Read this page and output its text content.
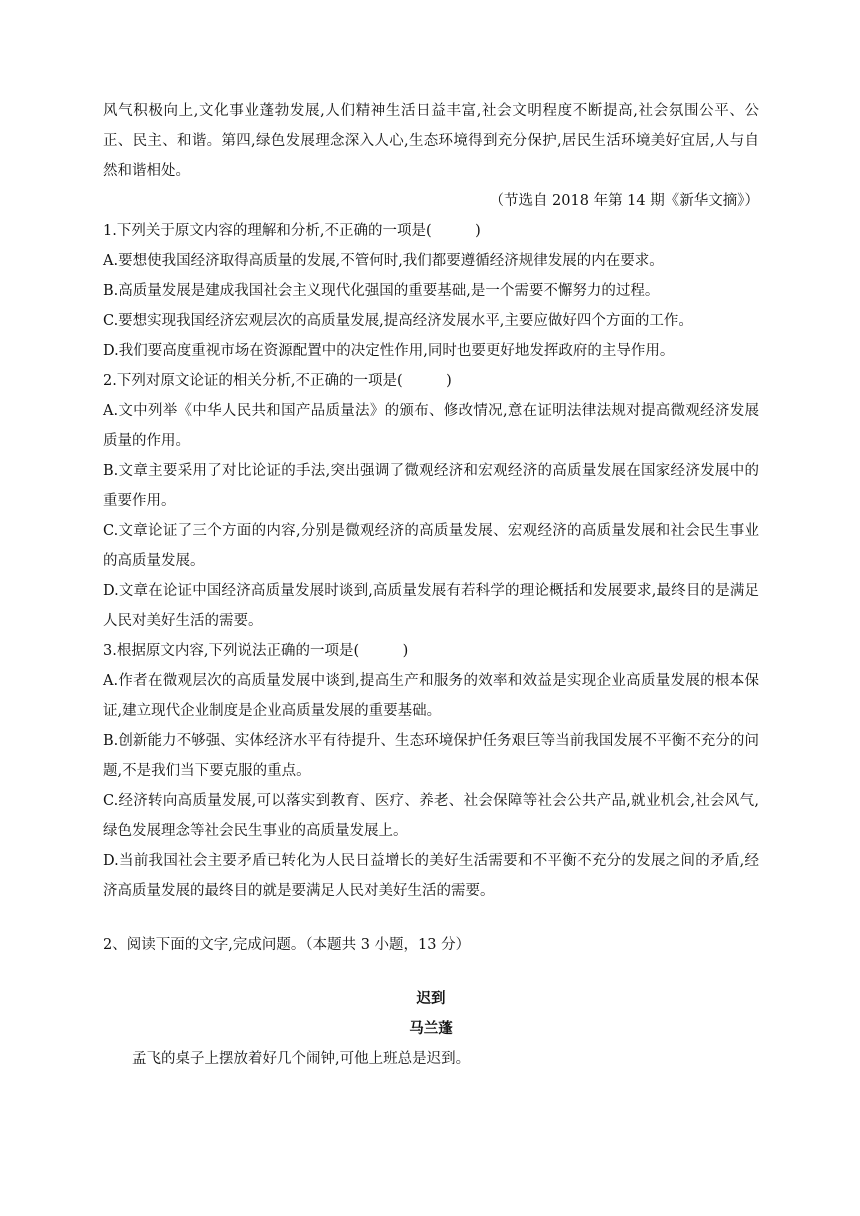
风气积极向上,文化事业蓬勃发展,人们精神生活日益丰富,社会文明程度不断提高,社会氛围公平、公正、民主、和谐。第四,绿色发展理念深入人心,生态环境得到充分保护,居民生活环境美好宜居,人与自然和谐相处。

（节选自 2018 年第 14 期《新华文摘》）

1.下列关于原文内容的理解和分析,不正确的一项是(　　　)

A.要想使我国经济取得高质量的发展,不管何时,我们都要遵循经济规律发展的内在要求。

B.高质量发展是建成我国社会主义现代化强国的重要基础,是一个需要不懈努力的过程。

C.要想实现我国经济宏观层次的高质量发展,提高经济发展水平,主要应做好四个方面的工作。

D.我们要高度重视市场在资源配置中的决定性作用,同时也要更好地发挥政府的主导作用。

2.下列对原文论证的相关分析,不正确的一项是(　　　)

A.文中列举《中华人民共和国产品质量法》的颁布、修改情况,意在证明法律法规对提高微观经济发展质量的作用。

B.文章主要采用了对比论证的手法,突出强调了微观经济和宏观经济的高质量发展在国家经济发展中的重要作用。

C.文章论证了三个方面的内容,分别是微观经济的高质量发展、宏观经济的高质量发展和社会民生事业的高质量发展。

D.文章在论证中国经济高质量发展时谈到,高质量发展有若科学的理论概括和发展要求,最终目的是满足人民对美好生活的需要。

3.根据原文内容,下列说法正确的一项是(　　　)

A.作者在微观层次的高质量发展中谈到,提高生产和服务的效率和效益是实现企业高质量发展的根本保证,建立现代企业制度是企业高质量发展的重要基础。

B.创新能力不够强、实体经济水平有待提升、生态环境保护任务艰巨等当前我国发展不平衡不充分的问题,不是我们当下要克服的重点。

C.经济转向高质量发展,可以落实到教育、医疗、养老、社会保障等社会公共产品,就业机会,社会风气,绿色发展理念等社会民生事业的高质量发展上。

D.当前我国社会主要矛盾已转化为人民日益增长的美好生活需要和不平衡不充分的发展之间的矛盾,经济高质量发展的最终目的就是要满足人民对美好生活的需要。

2、阅读下面的文字,完成问题。（本题共 3 小题，13 分）

迟到

马兰蓬

孟飞的桌子上摆放着好几个闹钟,可他上班总是迟到。
